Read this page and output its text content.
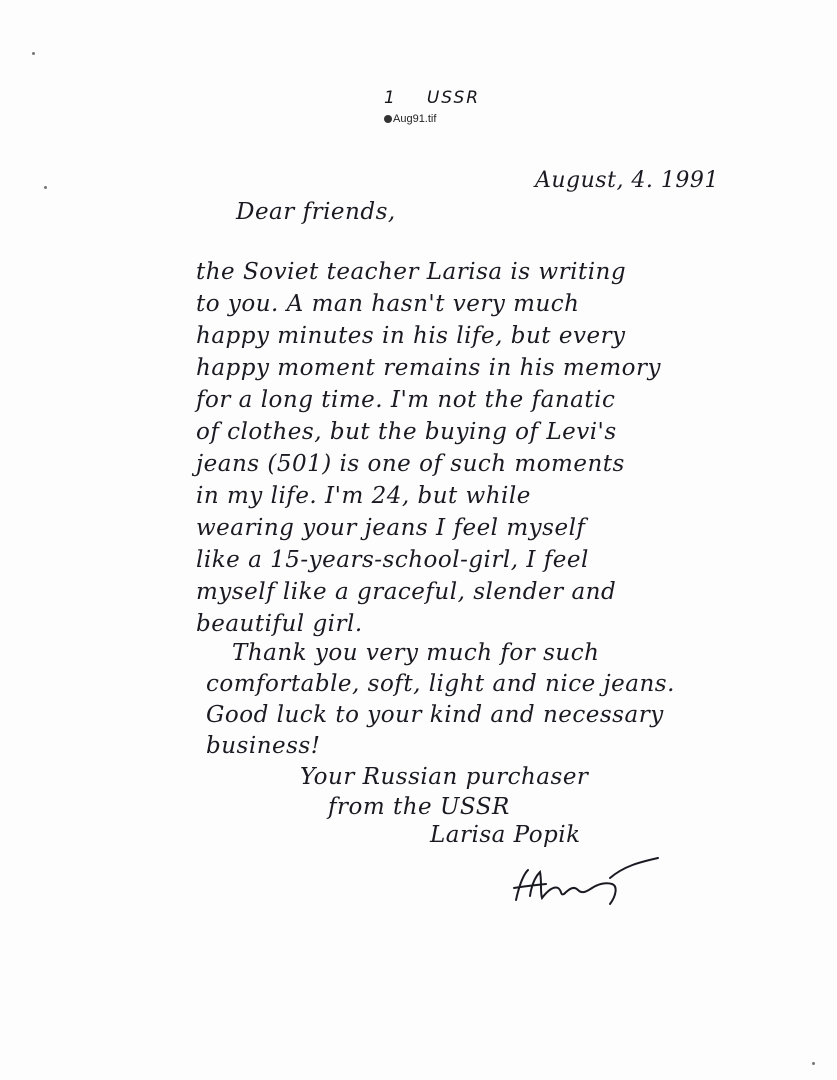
1 USSR
Aug91.tif
August, 4. 1991
Dear friends,
the Soviet teacher Larisa is writing
to you. A man hasn't very much
happy minutes in his life, but every
happy moment remains in his memory
for a long time. I'm not the fanatic
of clothes, but the buying of Levi's
jeans (501) is one of such moments
in my life. I'm 24, but while
wearing your jeans I feel myself
like a 15-years-school-girl, I feel
myself like a graceful, slender and
beautiful girl.
Thank you very much for such
comfortable, soft, light and nice jeans.
Good luck to your kind and necessary
business!
Your Russian purchaser
from the USSR
Larisa Popik
